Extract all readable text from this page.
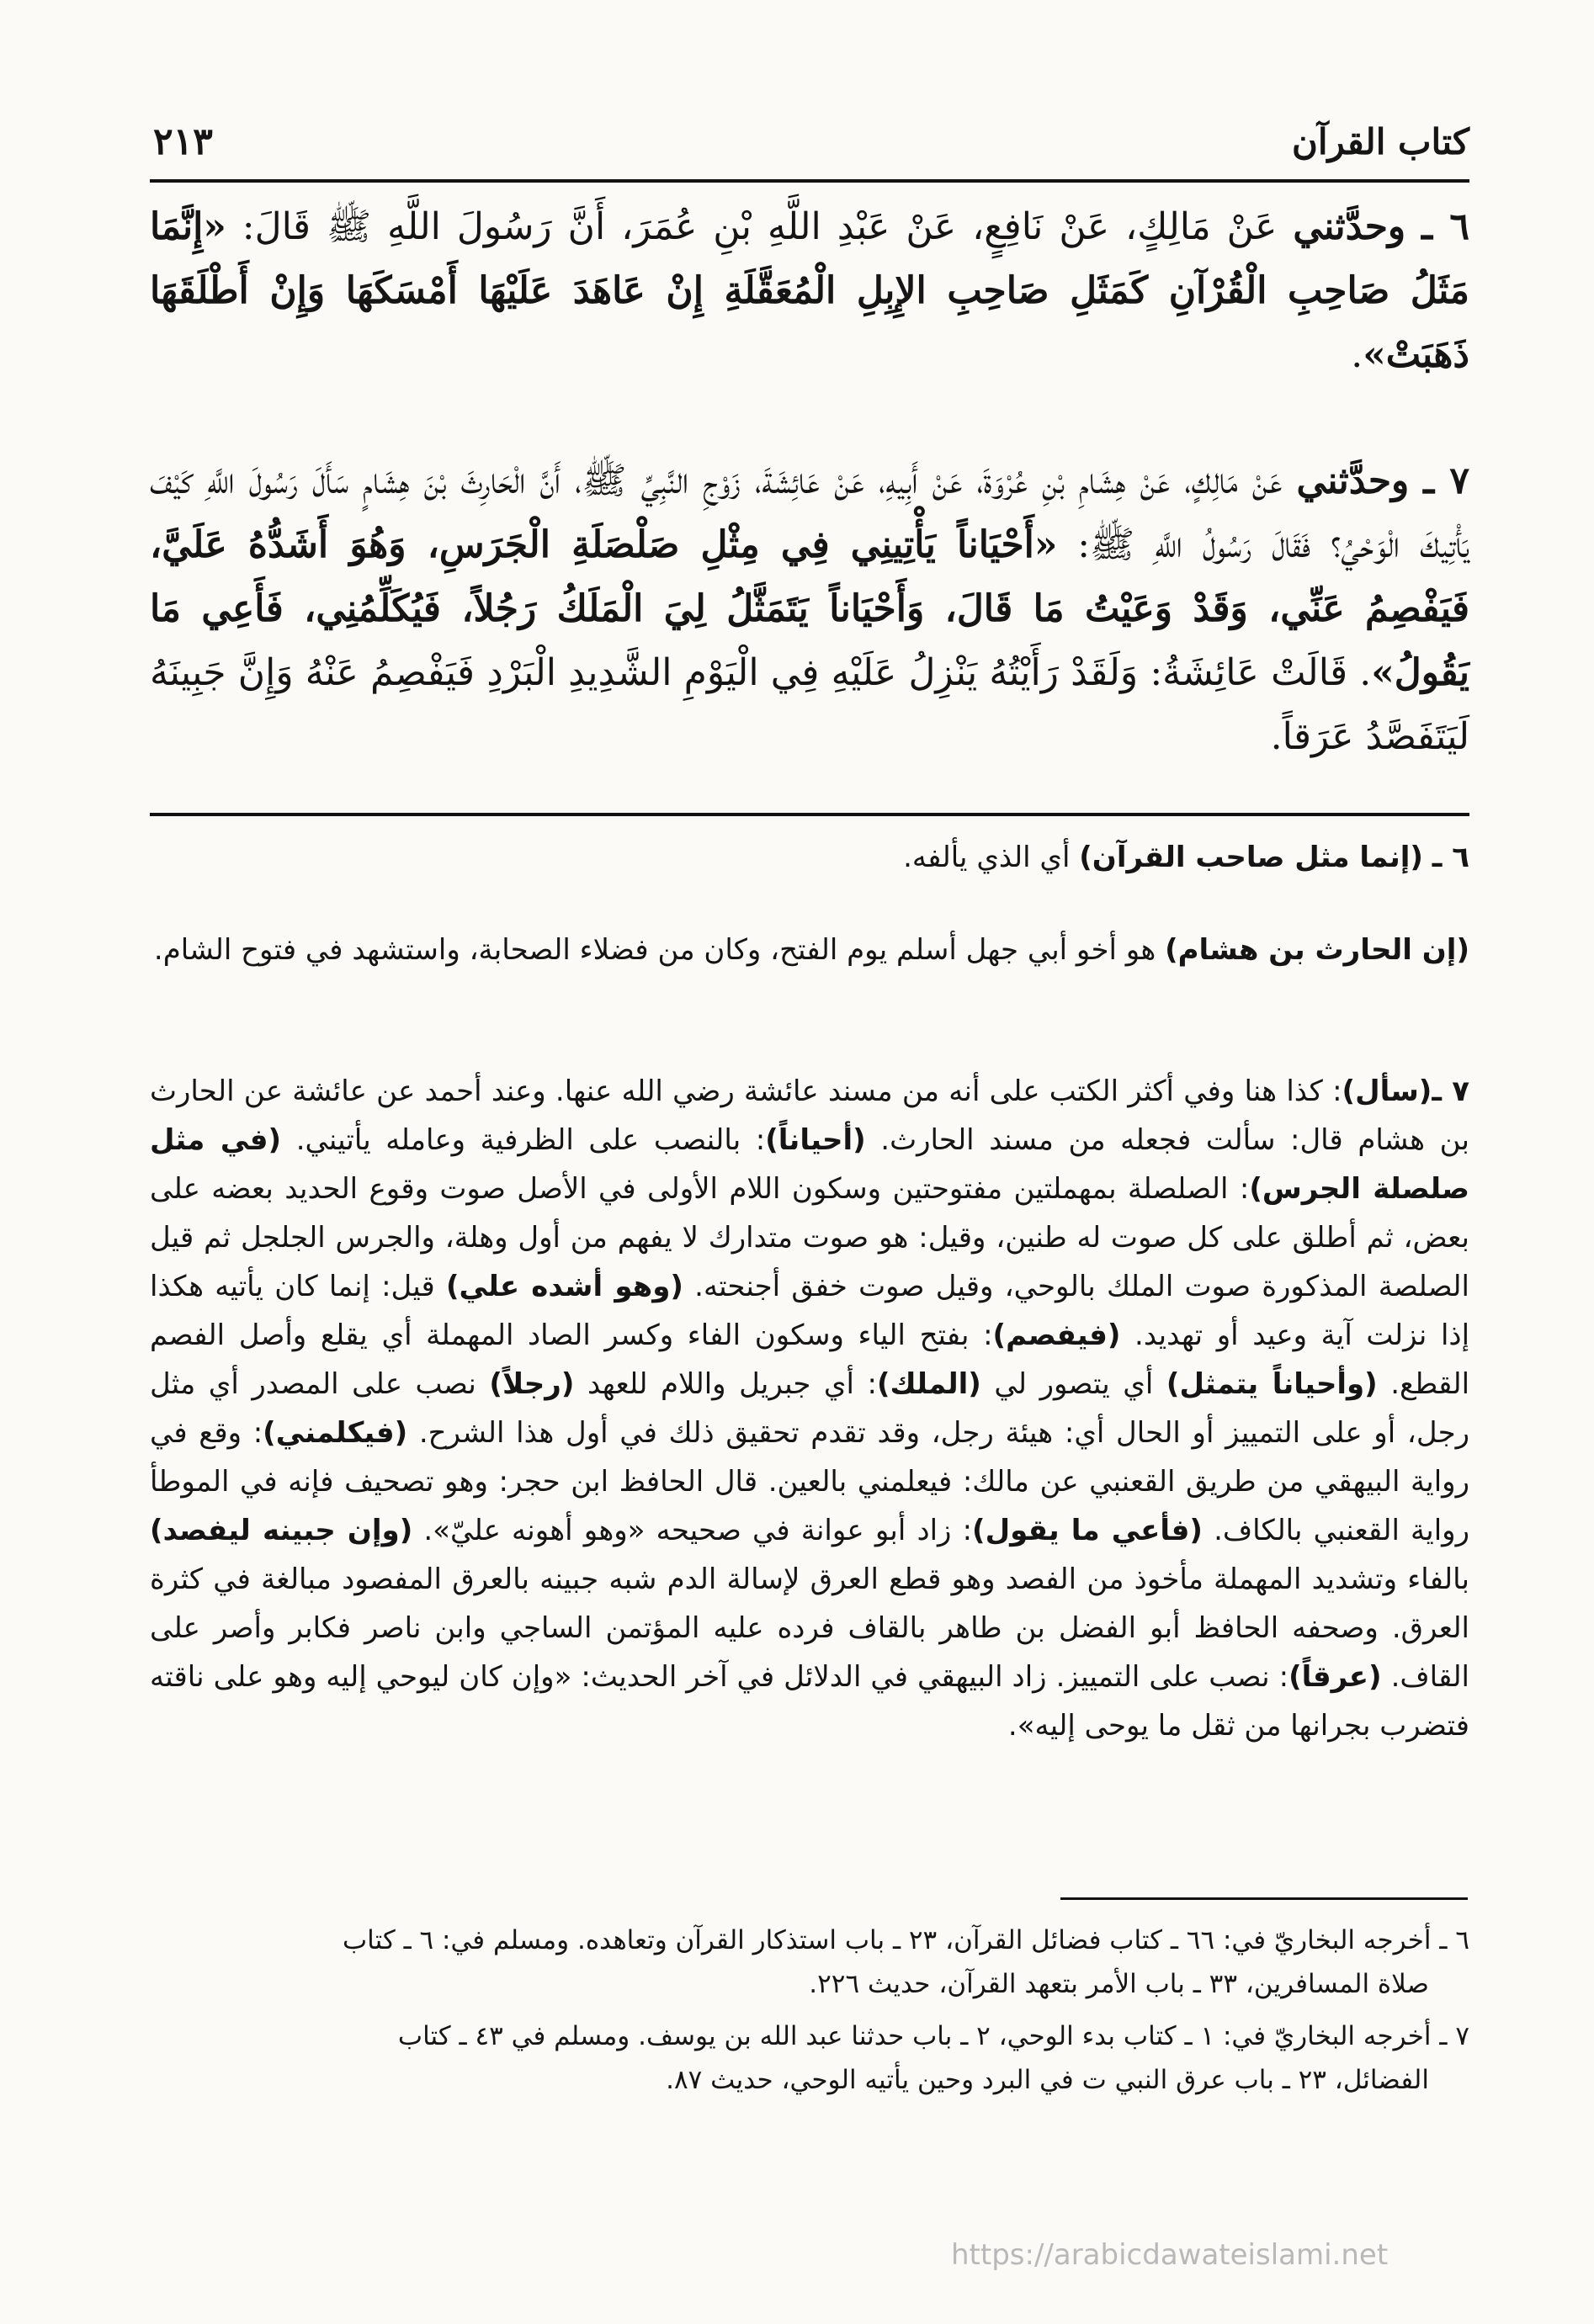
٢١٣	كتاب القرآن
٦ ـ وحدَّثني عَنْ مَالِكٍ، عَنْ نَافِعٍ، عَنْ عَبْدِ اللَّهِ بْنِ عُمَرَ، أَنَّ رَسُولَ اللَّهِ ﷺ قَالَ: «إِنَّمَا مَثَلُ صَاحِبِ الْقُرْآنِ كَمَثَلِ صَاحِبِ الإِبِلِ الْمُعَقَّلَةِ إِنْ عَاهَدَ عَلَيْهَا أَمْسَكَهَا وَإِنْ أَطْلَقَهَا ذَهَبَتْ».
٧ ـ وحدَّثني عَنْ مَالِكٍ، عَنْ هِشَامِ بْنِ عُرْوَةَ، عَنْ أَبِيهِ، عَنْ عَائِشَةَ، زَوْجِ النَّبِيِّ ﷺ، أَنَّ الْحَارِثَ بْنَ هِشَامٍ سَأَلَ رَسُولَ اللَّهِ كَيْفَ يَأْتِيكَ الْوَحْيُ؟ فَقَالَ رَسُولُ اللَّهِ ﷺ: «أَحْيَاناً يَأْتِينِي فِي مِثْلِ صَلْصَلَةِ الْجَرَسِ، وَهُوَ أَشَدُّهُ عَلَيَّ، فَيَفْصِمُ عَنِّي، وَقَدْ وَعَيْتُ مَا قَالَ، وَأَحْيَاناً يَتَمَثَّلُ لِيَ الْمَلَكُ رَجُلاً، فَيُكَلِّمُنِي، فَأَعِي مَا يَقُولُ». قَالَتْ عَائِشَةُ: وَلَقَدْ رَأَيْتُهُ يَنْزِلُ عَلَيْهِ فِي الْيَوْمِ الشَّدِيدِ الْبَرْدِ فَيَفْصِمُ عَنْهُ وَإِنَّ جَبِينَهُ لَيَتَفَصَّدُ عَرَقاً.

٦ ـ (إنما مثل صاحب القرآن) أي الذي يألفه.

(إن الحارث بن هشام) هو أخو أبي جهل أسلم يوم الفتح، وكان من فضلاء الصحابة، واستشهد في فتوح الشام.

٧ ـ(سأل): كذا هنا وفي أكثر الكتب على أنه من مسند عائشة رضي الله عنها. وعند أحمد عن عائشة عن الحارث بن هشام قال: سألت فجعله من مسند الحارث. (أحياناً): بالنصب على الظرفية وعامله يأتيني. (في مثل صلصلة الجرس): الصلصلة بمهملتين مفتوحتين وسكون اللام الأولى في الأصل صوت وقوع الحديد بعضه على بعض، ثم أطلق على كل صوت له طنين، وقيل: هو صوت متدارك لا يفهم من أول وهلة، والجرس الجلجل ثم قيل الصلصة المذكورة صوت الملك بالوحي، وقيل صوت خفق أجنحته. (وهو أشده علي) قيل: إنما كان يأتيه هكذا إذا نزلت آية وعيد أو تهديد. (فيفصم): بفتح الياء وسكون الفاء وكسر الصاد المهملة أي يقلع وأصل الفصم القطع. (وأحياناً يتمثل) أي يتصور لي (الملك): أي جبريل واللام للعهد (رجلاً) نصب على المصدر أي مثل رجل، أو على التمييز أو الحال أي: هيئة رجل، وقد تقدم تحقيق ذلك في أول هذا الشرح. (فيكلمني): وقع في رواية البيهقي من طريق القعنبي عن مالك: فيعلمني بالعين. قال الحافظ ابن حجر: وهو تصحيف فإنه في الموطأ رواية القعنبي بالكاف. (فأعي ما يقول): زاد أبو عوانة في صحيحه «وهو أهونه عليّ». (وإن جبينه ليفصد) بالفاء وتشديد المهملة مأخوذ من الفصد وهو قطع العرق لإسالة الدم شبه جبينه بالعرق المفصود مبالغة في كثرة العرق. وصحفه الحافظ أبو الفضل بن طاهر بالقاف فرده عليه المؤتمن الساجي وابن ناصر فكابر وأصر على القاف. (عرقاً): نصب على التمييز. زاد البيهقي في الدلائل في آخر الحديث: «وإن كان ليوحي إليه وهو على ناقته فتضرب بجرانها من ثقل ما يوحى إليه».

٦ ـ أخرجه البخاريّ في: ٦٦ ـ كتاب فضائل القرآن، ٢٣ ـ باب استذكار القرآن وتعاهده. ومسلم في: ٦ ـ كتاب
صلاة المسافرين، ٣٣ ـ باب الأمر بتعهد القرآن، حديث ٢٢٦.

٧ ـ أخرجه البخاريّ في: ١ ـ كتاب بدء الوحي، ٢ ـ باب حدثنا عبد الله بن يوسف. ومسلم في ٤٣ ـ كتاب
الفضائل، ٢٣ ـ باب عرق النبي ت في البرد وحين يأتيه الوحي، حديث ٨٧.

https://arabicdawateislami.net
